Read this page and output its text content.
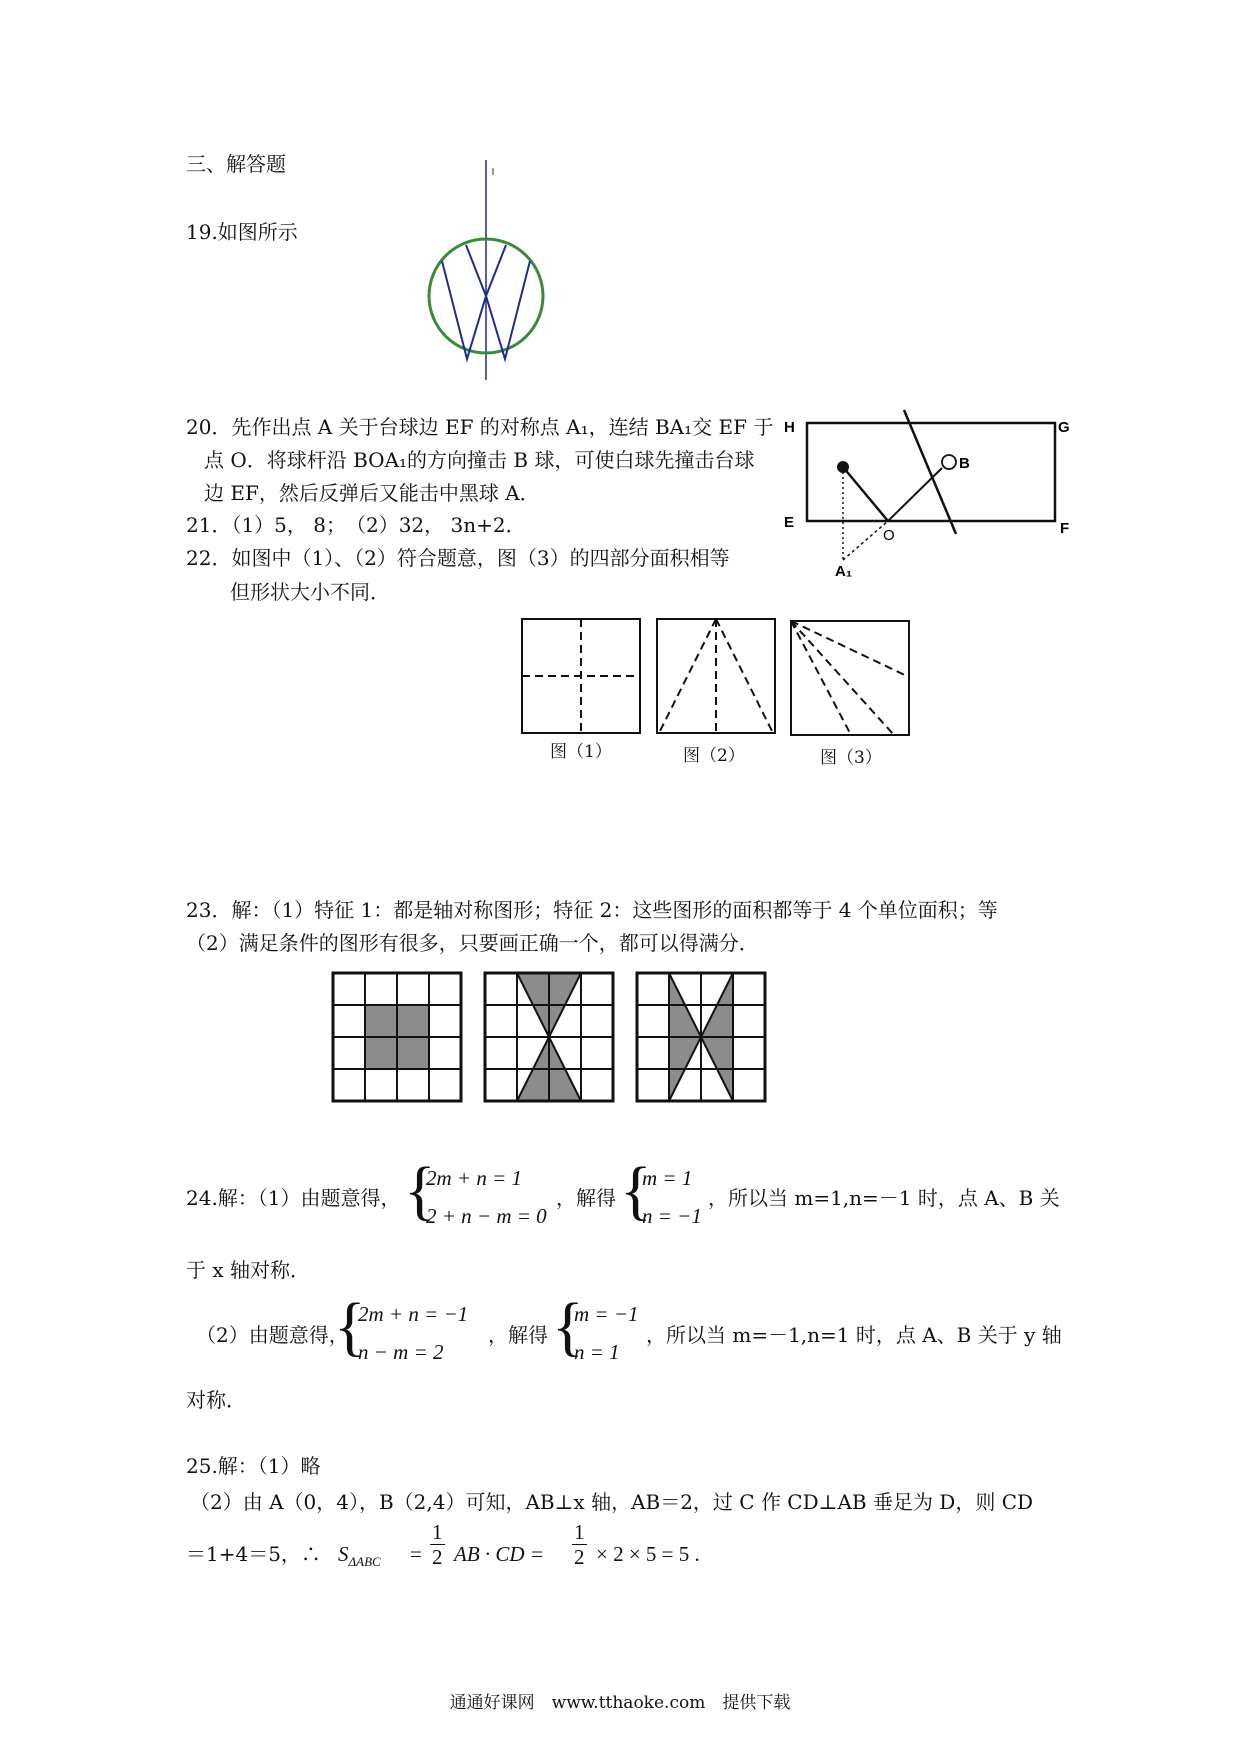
三、解答题
19.如图所示
20．先作出点 A 关于台球边 EF 的对称点 A₁，连结 BA₁交 EF 于
点 O．将球杆沿 BOA₁的方向撞击 B 球，可使白球先撞击台球
边 EF，然后反弹后又能击中黑球 A．
H	G
E	F
O
B
A₁
21．（1）5， 8；　（2）32， 3n+2．
22．如图中（1）、（2）符合题意，图（3）的四部分面积相等
但形状大小不同．
图（1）	图（2）	图（3）
23．解：（1）特征 1：都是轴对称图形；特征 2：这些图形的面积都等于 4 个单位面积；等
（2）满足条件的图形有很多，只要画正确一个，都可以得满分．
24.解：（1）由题意得， {
2m + n = 1
2 + n − m = 0
，解得 {
m = 1
n = −1
，所以当 m=1,n=－1 时，点 A、B 关
于 x 轴对称．
（2）由题意得，
{
2m + n = −1
n − m = 2
，解得 {
m = −1
n = 1
，所以当 m=－1,n=1 时，点 A、B 关于 y 轴
对称．
25.解：（1）略
（2）由 A（0，4），B（2,4）可知，AB⊥x 轴，AB＝2，过 C 作 CD⊥AB 垂足为 D，则 CD
＝1+4＝5，∴ $S_{\Delta ABC} = \frac{1}{2}$ AB · CD = $\frac{1}{2} \times 2 \times 5 = 5$ .
通通好课网　www.tthaoke.com　提供下载
